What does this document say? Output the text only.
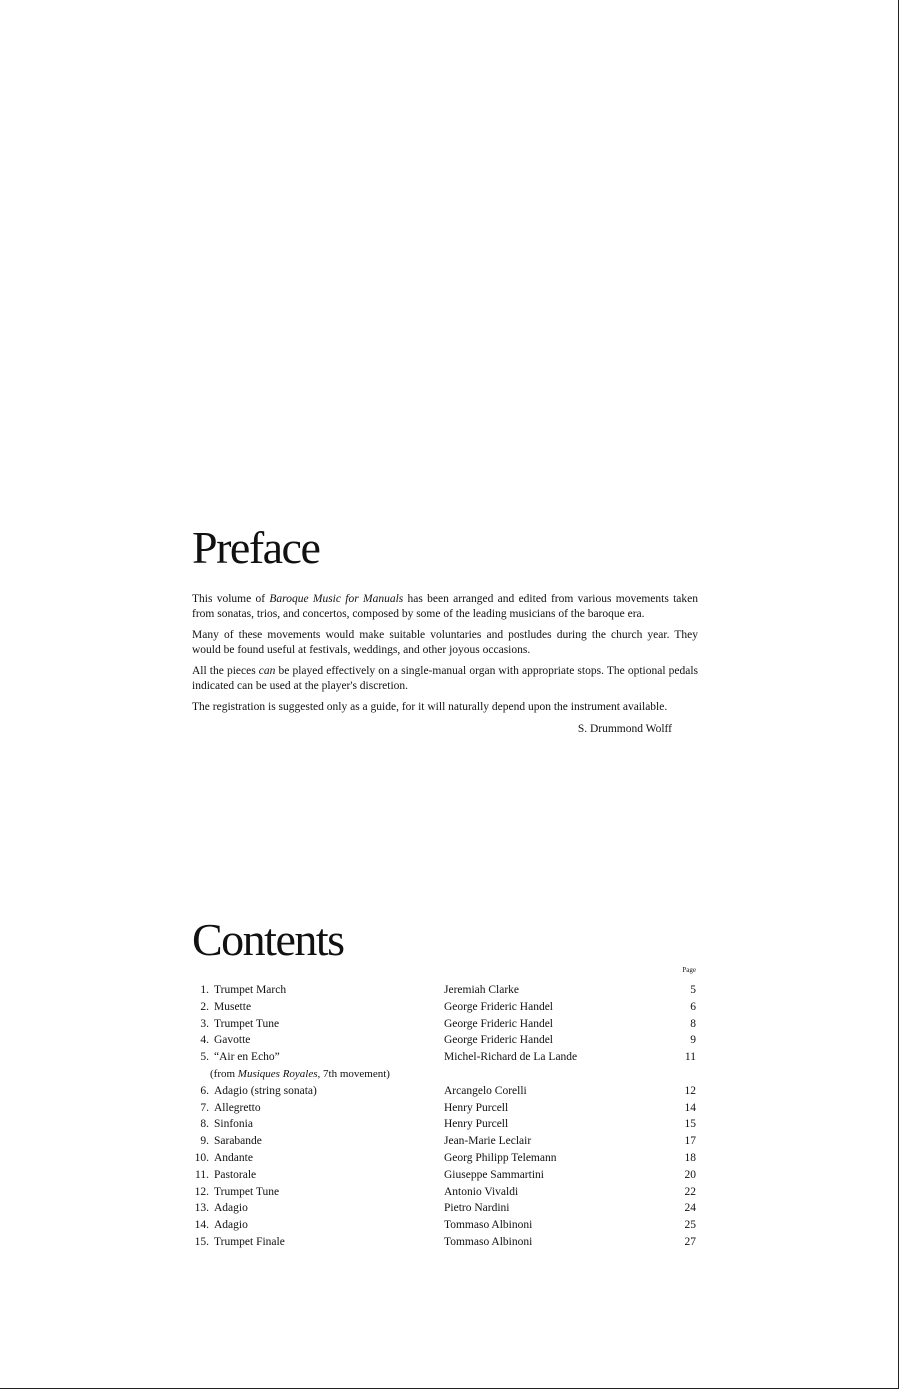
Preface

This volume of Baroque Music for Manuals has been arranged and edited from various movements taken from sonatas, trios, and concertos, composed by some of the leading musicians of the baroque era.

Many of these movements would make suitable voluntaries and postludes during the church year. They would be found useful at festivals, weddings, and other joyous occasions.

All the pieces can be played effectively on a single-manual organ with appropriate stops. The optional pedals indicated can be used at the player's discretion.

The registration is suggested only as a guide, for it will naturally depend upon the instrument available.

S. Drummond Wolff
Contents
Page
1. Trumpet March	Jeremiah Clarke	5
2. Musette	George Frideric Handel	6
3. Trumpet Tune	George Frideric Handel	8
4. Gavotte	George Frideric Handel	9
5. “Air en Echo”	Michel-Richard de La Lande	11
(from Musiques Royales, 7th movement)
6. Adagio (string sonata)	Arcangelo Corelli	12
7. Allegretto	Henry Purcell	14
8. Sinfonia	Henry Purcell	15
9. Sarabande	Jean-Marie Leclair	17
10. Andante	Georg Philipp Telemann	18
11. Pastorale	Giuseppe Sammartini	20
12. Trumpet Tune	Antonio Vivaldi	22
13. Adagio	Pietro Nardini	24
14. Adagio	Tommaso Albinoni	25
15. Trumpet Finale	Tommaso Albinoni	27
